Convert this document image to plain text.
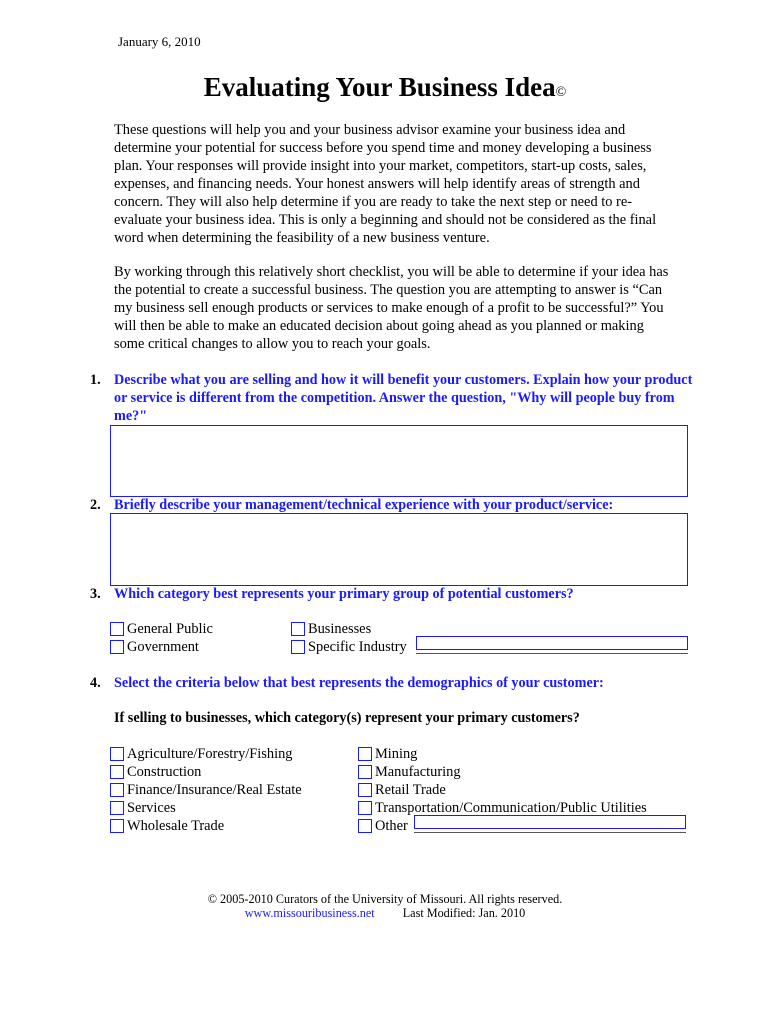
January 6, 2010
Evaluating Your Business Idea©

These questions will help you and your business advisor examine your business idea and determine your potential for success before you spend time and money developing a business plan. Your responses will provide insight into your market, competitors, start-up costs, sales, expenses, and financing needs. Your honest answers will help identify areas of strength and concern. They will also help determine if you are ready to take the next step or need to re-evaluate your business idea. This is only a beginning and should not be considered as the final word when determining the feasibility of a new business venture.

By working through this relatively short checklist, you will be able to determine if your idea has the potential to create a successful business. The question you are attempting to answer is “Can my business sell enough products or services to make enough of a profit to be successful?” You will then be able to make an educated decision about going ahead as you planned or making some critical changes to allow you to reach your goals.

1. Describe what you are selling and how it will benefit your customers. Explain how your product or service is different from the competition. Answer the question, "Why will people buy from me?"
2. Briefly describe your management/technical experience with your product/service:
3. Which category best represents your primary group of potential customers?
General Public
Government
Businesses
Specific Industry
4. Select the criteria below that best represents the demographics of your customer:
If selling to businesses, which category(s) represent your primary customers?
Agriculture/Forestry/Fishing
Construction
Finance/Insurance/Real Estate
Services
Wholesale Trade
Mining
Manufacturing
Retail Trade
Transportation/Communication/Public Utilities
Other
© 2005-2010 Curators of the University of Missouri. All rights reserved.
www.missouribusiness.net Last Modified: Jan. 2010
